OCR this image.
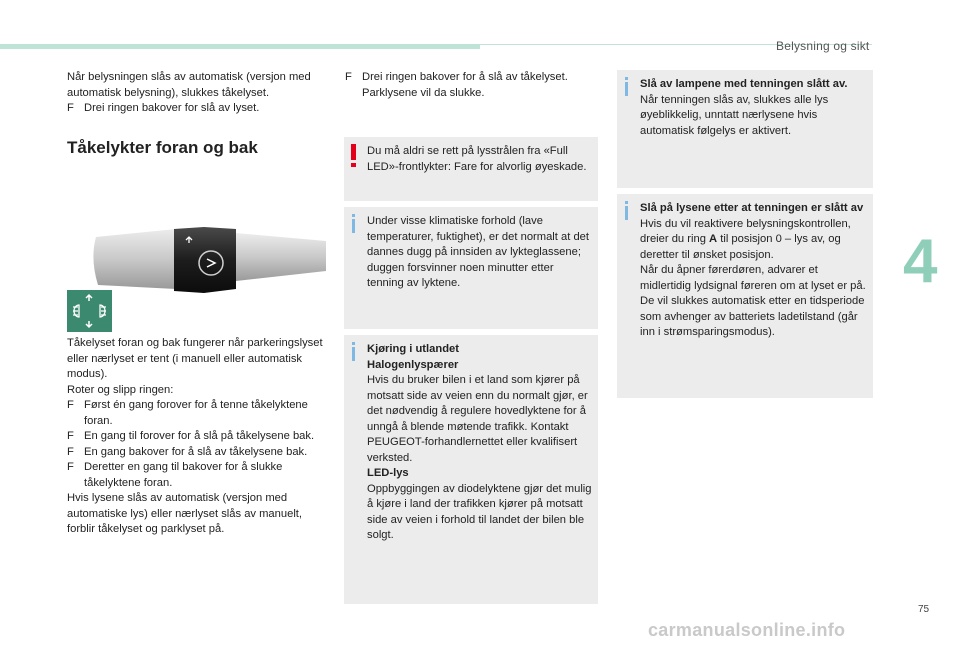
Belysning og sikt
4
75
carmanualsonline.info

Når belysningen slås av automatisk (versjon med automatisk belysning), slukkes tåkelyset.

F Drei ringen bakover for slå av lyset.

Tåkelykter foran og bak

Tåkelyset foran og bak fungerer når parkeringslyset eller nærlyset er tent (i manuell eller automatisk modus).

Roter og slipp ringen:

F Først én gang forover for å tenne tåkelyktene foran.

F En gang til forover for å slå på tåkelysene bak.

F En gang bakover for å slå av tåkelysene bak.

F Deretter en gang til bakover for å slukke tåkelyktene foran.

Hvis lysene slås av automatisk (versjon med automatiske lys) eller nærlyset slås av manuelt, forblir tåkelyset og parklyset på.

F Drei ringen bakover for å slå av tåkelyset. Parklysene vil da slukke.

Du må aldri se rett på lysstrålen fra «Full LED»-frontlykter: Fare for alvorlig øyeskade.

Under visse klimatiske forhold (lave temperaturer, fuktighet), er det normalt at det dannes dugg på innsiden av lykteglassene; duggen forsvinner noen minutter etter tenning av lyktene.

Kjøring i utlandet

Halogenlyspærer

Hvis du bruker bilen i et land som kjører på motsatt side av veien enn du normalt gjør, er det nødvendig å regulere hovedlyktene for å unngå å blende møtende trafikk. Kontakt PEUGEOT-forhandlernettet eller kvalifisert verksted.

LED-lys

Oppbyggingen av diodelyktene gjør det mulig å kjøre i land der trafikken kjører på motsatt side av veien i forhold til landet der bilen ble solgt.

Slå av lampene med tenningen slått av.

Når tenningen slås av, slukkes alle lys øyeblikkelig, unntatt nærlysene hvis automatisk følgelys er aktivert.

Slå på lysene etter at tenningen er slått av

Hvis du vil reaktivere belysningskontrollen, dreier du ring A til posisjon 0 – lys av, og deretter til ønsket posisjon.

Når du åpner førerdøren, advarer et midlertidig lydsignal føreren om at lyset er på.

De vil slukkes automatisk etter en tidsperiode som avhenger av batteriets ladetilstand (går inn i strømsparingsmodus).
